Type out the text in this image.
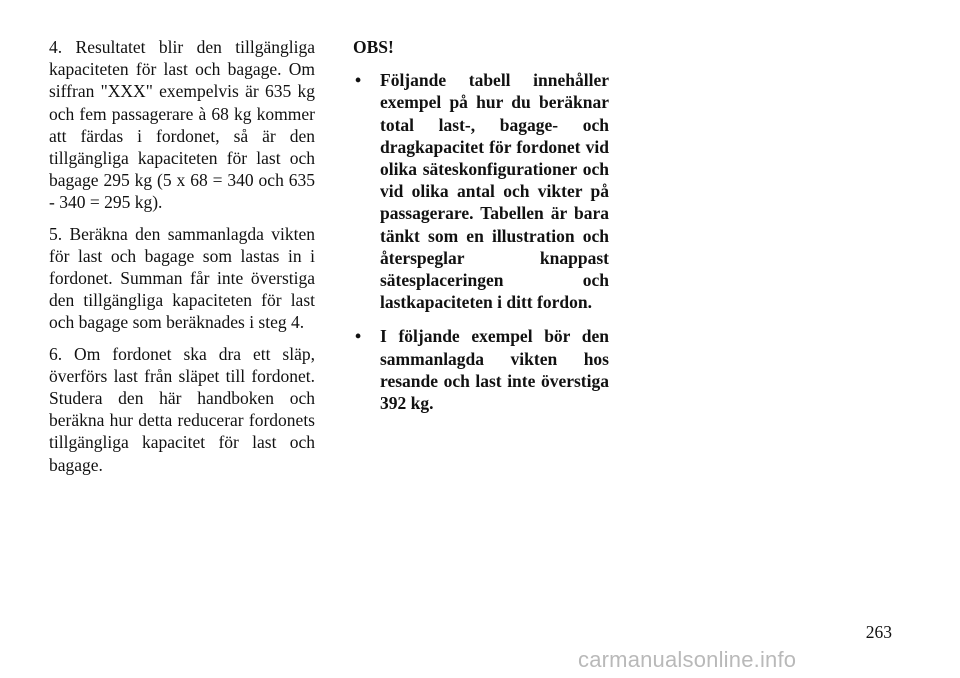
4. Resultatet blir den tillgängliga kapaciteten för last och bagage. Om siffran "XXX" exempelvis är 635 kg och fem passagerare à 68 kg kommer att färdas i fordonet, så är den tillgängliga kapaciteten för last och bagage 295 kg (5 x 68 = 340 och 635 - 340 = 295 kg).

5. Beräkna den sammanlagda vikten för last och bagage som lastas in i fordonet. Summan får inte överstiga den tillgängliga kapaciteten för last och bagage som beräknades i steg 4.

6. Om fordonet ska dra ett släp, överförs last från släpet till fordonet. Studera den här handboken och beräkna hur detta reducerar fordonets tillgängliga kapacitet för last och bagage.

OBS!

• Följande tabell innehåller exempel på hur du beräknar total last-, bagage- och dragkapacitet för fordonet vid olika säteskonfigurationer och vid olika antal och vikter på passagerare. Tabellen är bara tänkt som en illustration och återspeglar knappast sätesplaceringen och lastkapaciteten i ditt fordon.
• I följande exempel bör den sammanlagda vikten hos resande och last inte överstiga 392 kg.
263
carmanualsonline.info
